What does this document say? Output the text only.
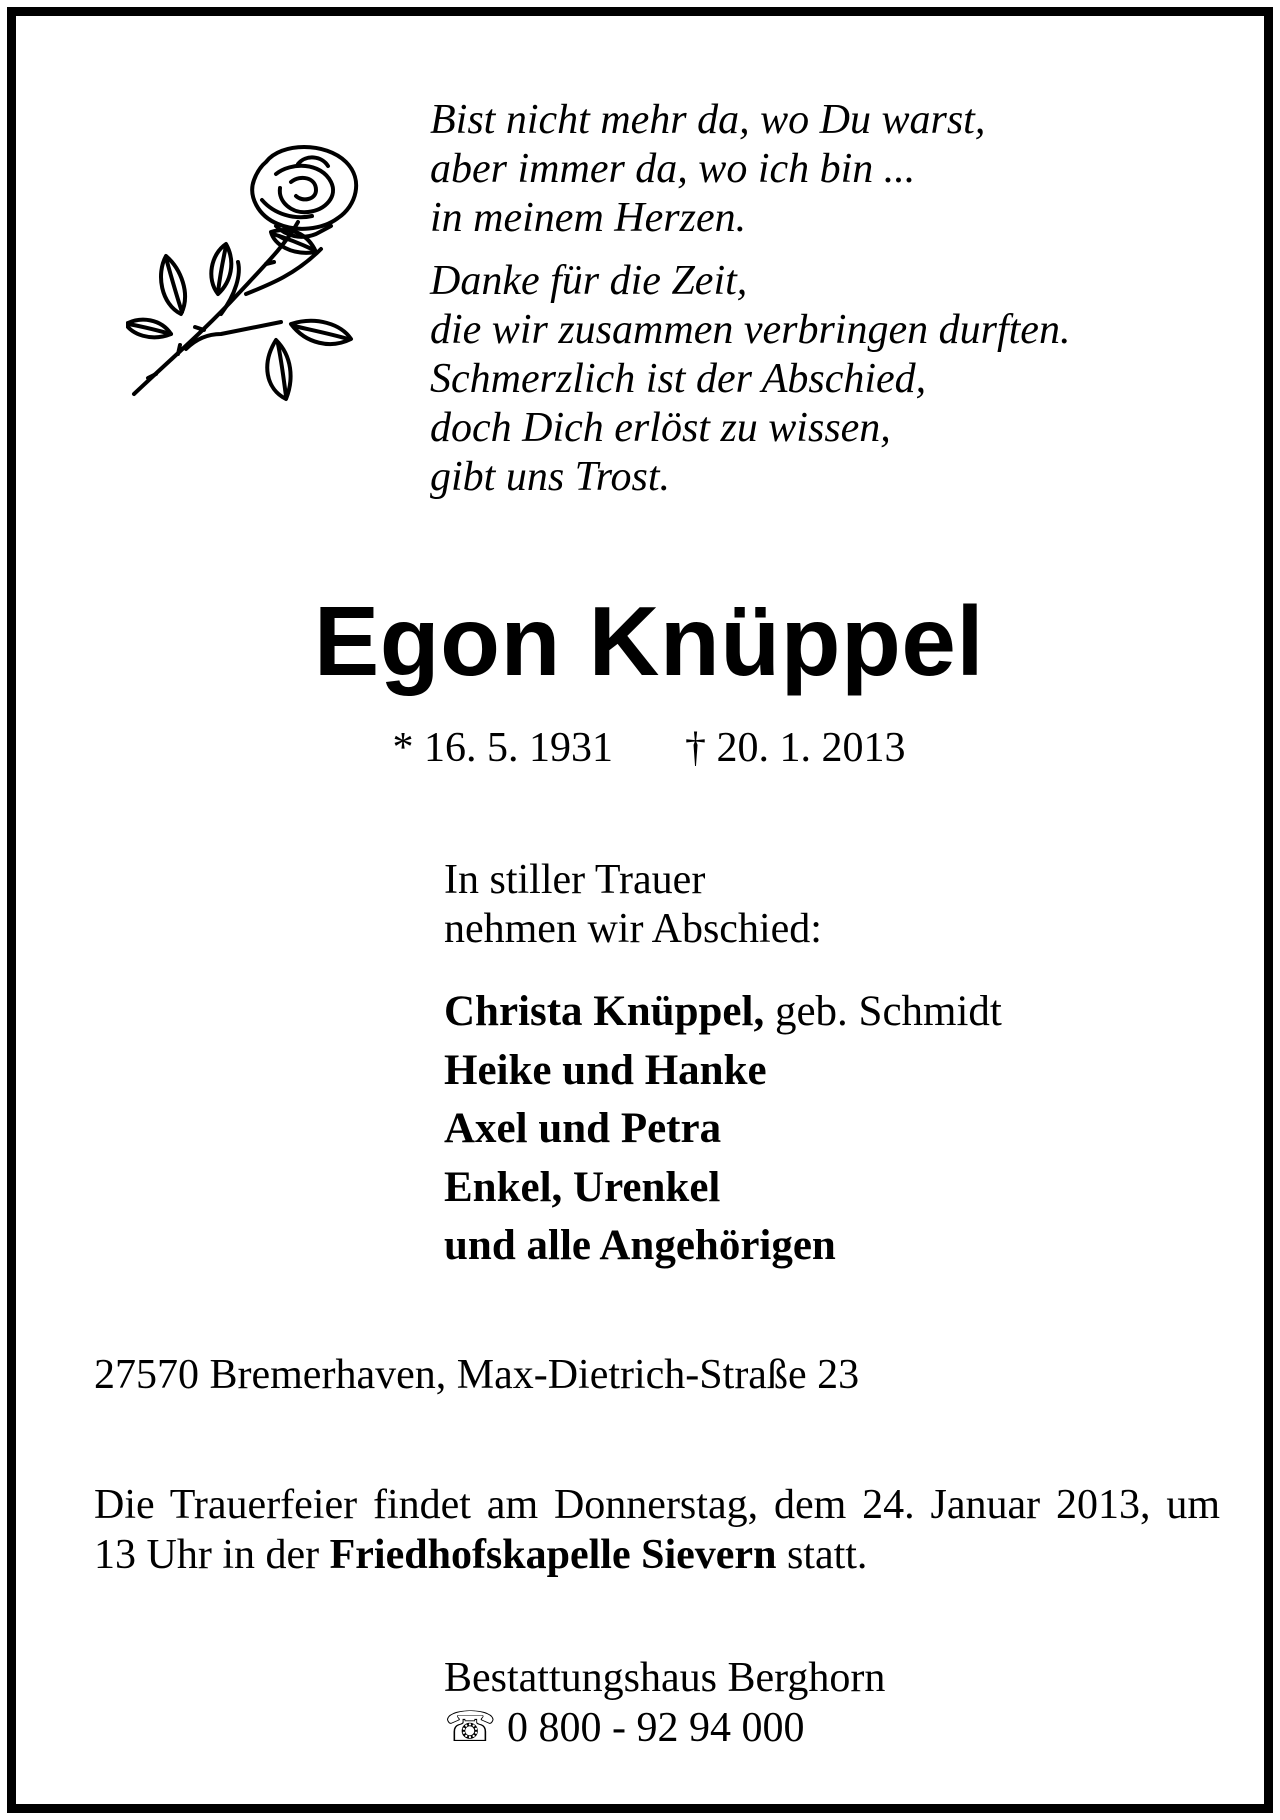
Bist nicht mehr da, wo Du warst,
aber immer da, wo ich bin ...
in meinem Herzen.
Danke für die Zeit,
die wir zusammen verbringen durften.
Schmerzlich ist der Abschied,
doch Dich erlöst zu wissen,
gibt uns Trost.
Egon Knüppel
* 16. 5. 1931 † 20. 1. 2013
In stiller Trauer
nehmen wir Abschied:
Christa Knüppel, geb. Schmidt
Heike und Hanke
Axel und Petra
Enkel, Urenkel
und alle Angehörigen
27570 Bremerhaven, Max-Dietrich-Straße 23
Die Trauerfeier findet am Donnerstag, dem 24. Januar 2013, um 13 Uhr in der Friedhofskapelle Sievern statt.
Bestattungshaus Berghorn
☏ 0 800 - 92 94 000
